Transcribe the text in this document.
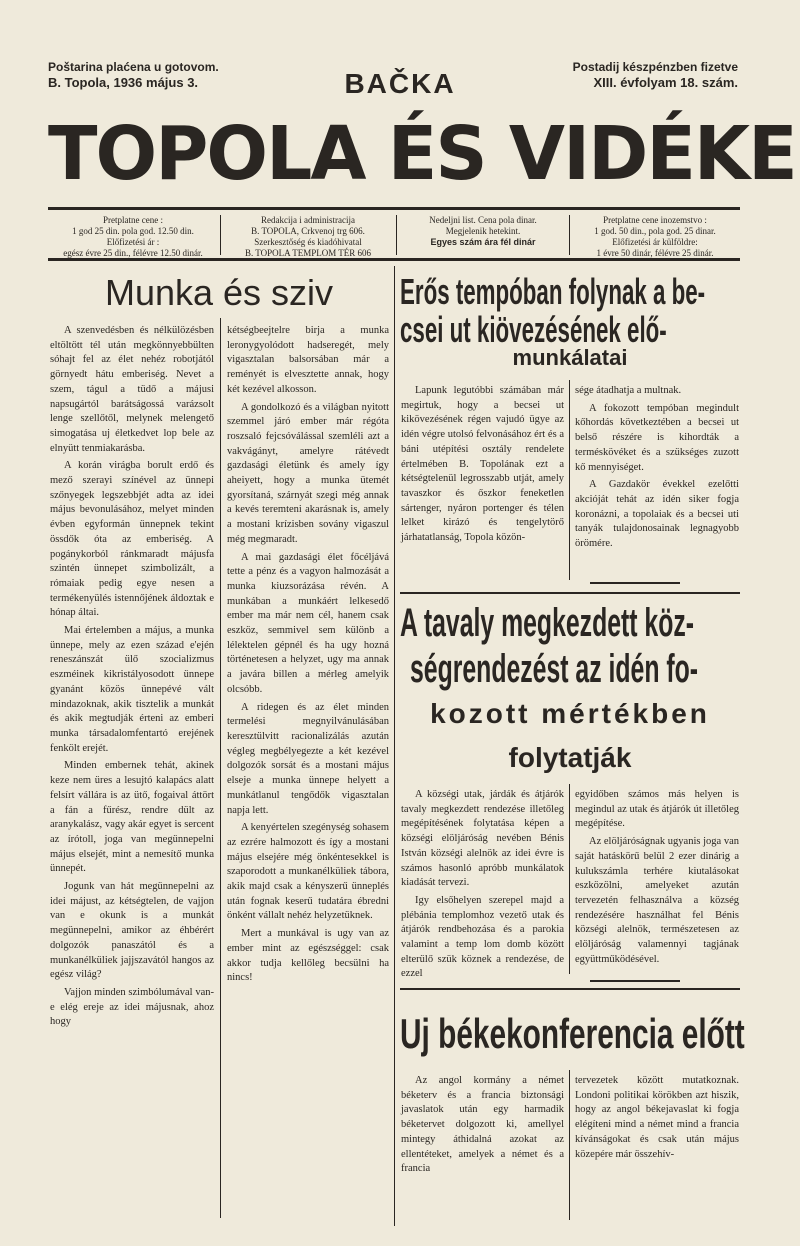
Poštarina plaćena u gotovom.
B. Topola, 1936 május 3.
Postadij készpénzben fizetve
XIII. évfolyam 18. szám.
BAČKA
TOPOLA ÉS VIDÉKE
Pretplatne cene :
1 god 25 din. pola god. 12.50 din.
Előfizetési ár :
egész évre 25 din., félévre 12.50 dinár.
Redakcija i administracija
B. TOPOLA, Crkvenoj trg 606.
Szerkesztőség és kiadóhivatal
B. TOPOLA TEMPLOM TÉR 606
Nedeljni list. Cena pola dinar.
Megjelenik hetekint.
Egyes szám ára fél dinár
Pretplatne cene inozemstvo :
1 god. 50 din., pola god. 25 dinar.
Előfizetési ár külföldre:
1 évre 50 dinár, félévre 25 dinár.
Munka és sziv

A szenvedésben és nélkülözésben eltöltött tél után megkönnyebbülten sóhajt fel az élet nehéz robotjától görnyedt hátu emberiség. Nevet a szem, tágul a tüdő a májusi napsugártól barátságossá varázsolt lenge szellőtől, melynek melengető simogatása uj életkedvet lop bele az elnyütt tenmiakarásba.

A korán virágba borult erdő és mező szerayi színével az ünnepi szőnyegek legszebbjét adta az idei május bevonulásához, melyet minden évben egyformán ünnepnek tekint össdők óta az emberiség. A pogánykorból ránkmaradt májusfa szintén ünnepet szimbolizált, a rómaiak pedig egye nesen a termékenyülés istennőjének áldoztak e hónap áltai.

Mai értelemben a május, a munka ünnepe, mely az ezen század e'ején reneszánszát ülő szocializmus eszméinek kikristályosodott ünnepe gyanánt közös ünnepévé vált mindazoknak, akik tisztelik a munkát és akik megtudják érteni az emberi munka társadalomfentartó erejének fenkölt erejét.

Minden embernek tehát, akinek keze nem üres a lesujtó kalapács alatt felsírt vállára is az ütő, fogaival áttört a fán a fűrész, rendre dült az aranykalász, vagy akár egyet is sercent az írótoll, joga van megünnepelni május elsejét, mint a nemesítő munka ünnepét.

Jogunk van hát megünnepelni az idei májust, az kétségtelen, de vajjon van e okunk is a munkát megünnepelni, amikor az éhbérért dolgozók panaszától és a munkanélküliek jajjszavától hangos az egész világ?

Vajjon minden szimbólumával van-e elég ereje az idei májusnak, ahoz hogy

kétségbeejtelre birja a munka leronygyolódott hadseregét, mely vigasztalan balsorsában már a reményét is elvesztette annak, hogy két kezével alkosson.

A gondolkozó és a világban nyitott szemmel járó ember már régóta roszsaló fejcsóválással szemléli azt a vakvágányt, amelyre rátévedt gazdasági életünk és amely így aheiyett, hogy a munka ütemét gyorsítaná, szárnyát szegi még annak a kevés teremteni akarásnak is, amely a mostani krízisben sovány vigaszul még megmaradt.

A mai gazdasági élet főcéljává tette a pénz és a vagyon halmozását a munka kiuzsorázása révén. A munkában a munkáért lelkesedő ember ma már nem cél, hanem csak eszköz, semmivel sem különb a lélektelen gépnél és ha ugy hozná történetesen a helyzet, ugy ma annak a javára billen a mérleg amelyik olcsóbb.

A ridegen és az élet minden termelési megnyilvánulásában keresztülvitt racionalizálás azután végleg megbélyegezte a két kezével dolgozók sorsát és a mostani május elseje a munka ünnepe helyett a munkátlanul tengődők vigasztalan napja lett.

A kenyértelen szegénység sohasem az ezrére halmozott és így a mostani május elsejére még önkéntesekkel is szaporodott a munkanélküliek tábora, akik majd csak a kényszerű ünneplés után fognak keserű tudatára ébredni önként vállalt nehéz helyzetüknek.

Mert a munkával is ugy van az ember mint az egészséggel: csak akkor tudja kellőleg becsülni ha nincs!

Erős tempóban folynak a be-
csei ut kiövezésének elő-
munkálatai

Lapunk legutóbbi számában már megirtuk, hogy a becsei ut kikövezésének régen vajudó ügye az idén végre utolsó felvonásához ért és a báni utépítési osztály rendelete értelmében B. Topolának ezt a kétségtelenül legrosszabb utját, amely tavaszkor és őszkor feneketlen sártenger, nyáron portenger és télen lelket kirázó és tengelytörő járhatatlanság, Topola közön-

sége átadhatja a multnak.

A fokozott tempóban megindult kőhordás következtében a becsei ut belső részére is kihordták a terméskövéket és a szükséges zuzott kő mennyiséget.

A Gazdakör évekkel ezelőtti akcióját tehát az idén siker fogja koronázni, a topolaiak és a becsei uti tanyák tulajdonosainak legnagyobb örömére.

A tavaly megkezdett köz-
ségrendezést az idén fo-
kozott mértékben
folytatják

A községi utak, járdák és átjárók tavaly megkezdett rendezése illetőleg megépítésének folytatása képen a községi elöljáróság nevében Bénis István községi alelnök az idei évre is számos hasonló apróbb munkálatok kiadását tervezi.

Igy elsőhelyen szerepel majd a plébánia templomhoz vezető utak és átjárók rendbehozása és a parokia valamint a temp lom domb között elterülő szük köznek a rendezése, de ezzel

egyidőben számos más helyen is megindul az utak és átjárók út illetőleg megépítése.

Az elöljáróságnak ugyanis joga van saját hatáskörű belül 2 ezer dinárig a kulukszámla terhére kiutalásokat eszközölni, amelyeket azután tervezetén felhasználva a község rendezésére használhat fel Bénis községi alelnök, természetesen az elöljáróság valamennyi tagjának együttműködésével.

Uj békekonferencia előtt

Az angol kormány a német béketerv és a francia biztonsági javaslatok után egy harmadik béketervet dolgozott ki, amellyel mintegy áthidalná azokat az ellentéteket, amelyek a német és a francia

tervezetek között mutatkoznak. Londoni politikai körökben azt hiszik, hogy az angol békejavaslat ki fogja elégíteni mind a német mind a francia kívánságokat és csak után május közepére már összehív-
